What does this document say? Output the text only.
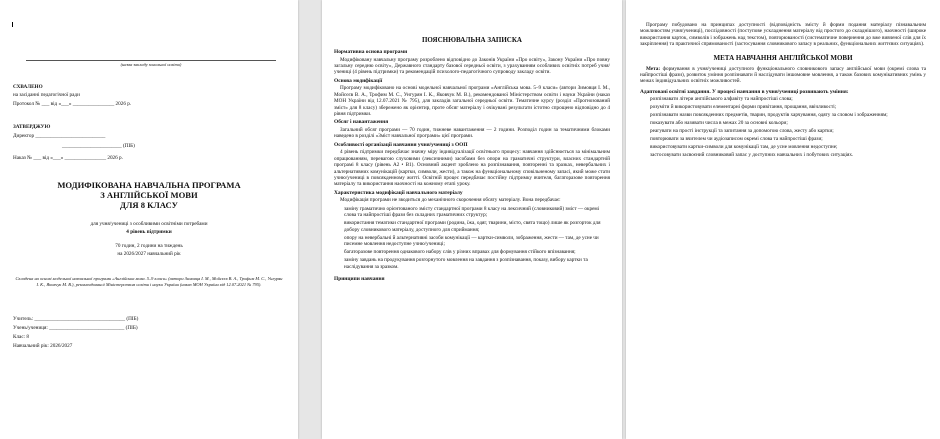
(назва закладу загальної освіти)
СХВАЛЕНО
на засіданні педагогічної ради
Протокол № ___ від «___» ________________ 2026 р.
ЗАТВЕРДЖУЮ
Директор ___________________________
_______________________ (ПІБ)
Наказ № ___ від «___» ________________ 2026 р.
МОДИФІКОВАНА НАВЧАЛЬНА ПРОГРАМА
З АНГЛІЙСЬКОЇ МОВИ
ДЛЯ 8 КЛАСУ
для учня/учениці з особливими освітніми потребами
4 рівень підтримки
70 годин, 2 години на тиждень
на 2026/2027 навчальний рік
Складена на основі модельної навчальної програми «Англійська мова. 5–9 класи» (автори Зимовця І. М., Мойсєєв В. А., Трофим М. С., Унгурян І. К., Яковчук М. В.), рекомендованої Міністерством освіти і науки України (наказ МОН України від 12.07.2021 № 795).
Учитель: ___________________________________ (ПІБ)
Учень/учениця: _____________________________ (ПІБ)
Клас: 8
Навчальний рік: 2026/2027
ПОЯСНЮВАЛЬНА ЗАПИСКА
Нормативна основа програми

Модифіковану навчальну програму розроблено відповідно до Законів України «Про освіту», Закону України «Про повну загальну середню освіту», Державного стандарту базової середньої освіти, з урахуванням особливих освітніх потреб учня/учениці (4 рівень підтримки) та рекомендацій психолого-педагогічного супроводу закладу освіти.

Основа модифікації

Програму модифіковано на основі модельної навчальної програми «Англійська мова. 5–9 класи» (автори Зимовця І. М., Мойсєєв В. А., Трофим М. С., Унгурян І. К., Яковчук М. В.), рекомендованої Міністерством освіти і науки України (наказ МОН України від 12.07.2021 № 795), для закладів загальної середньої освіти. Тематичне курсу (розділ «Прогнозований зміст» для 8 класу) збережено як орієнтир, проте обсяг матеріалу і очікувані результати істотно спрощено відповідно до 4 рівня підтримки.

Обсяг і навантаження

Загальний обсяг програми — 70 годин, тижневе навантаження — 2 години. Розподіл годин за тематичними блоками наведено в розділі «Зміст навчальної програми» цієї програми.

Особливості організації навчання учня/учениці з ООП

4 рівень підтримки передбачає значну міру індивідуалізації освітнього процесу: навчання здійснюється за мінімальним опрацюванням, перевагою слуховими (лексичними) засобами без опори на граматичні структури, власних стандартній програмі 8 класу (рівень А2 • B1). Основний акцент зроблено на розпізнавання, повторенні та зразках, невербальних і альтернативних комунікацій (картки, символи, жести), а також на функціональному сповільненому запасі, який може стати учню/учениці в повсякденному житті. Освітній процес передбачає постійну підтримку вчителя, багаторазове повторення матеріалу та використання наочності на кожному етапі уроку.

Характеристика модифікації навчального матеріалу

Модифікація програми не зводиться до механічного скорочення обсягу матеріалу. Вона передбачає:

заміну граматично орієнтованого змісту стандартної програми 8 класу на лексичний (словниковий) зміст — окремі слова та найпростіші фрази без складних граматичних структур;
використання тематики стандартної програми (родина, їжа, одяг, тварини, місто, свята тощо) лише як розгорток для добору словникового матеріалу, доступного для сприймання;
опору на невербальні й альтернативні засоби комунікації — картки-символи, зображення, жести — там, де усне чи писемне мовлення недоступне учню/учениці;
багаторазове повторення однакового набору слів у різних вправах для формування стійкого впізнавання;
заміну завдань на продукування розгорнутого мовлення на завдання з розпізнавання, показу, вибору картки та наслідування за зразком.
Принципи навчання

Програму побудовано на принципах доступності (відповідність змісту й форми подання матеріалу пізнавальним можливостям учня/учениці), послідовності (поступове ускладнення матеріалу від простого до складнішого), наочності (широке використання карток, символів і зображень над текстом), повторюваності (систематичне повернення до вже вивченої слів для їх закріплення) та практичної спрямованості (застосування словникового запасу в реальних, функціональних життєвих ситуаціях).

МЕТА НАВЧАННЯ АНГЛІЙСЬКОЇ МОВИ

Мета: формування в учня/учениці доступного функціонального словникового запасу англійської мови (окремі слова та найпростіші фрази), розвиток уміння розпізнавати й наслідувати іншомовне мовлення, а також базових комунікативних умінь у межах індивідуальних освітніх можливостей.

Адаптовані освітні завдання. У процесі навчання в учня/учениці розвивають уміння:
розпізнавати літери англійського алфавіту та найпростіші слова;
розуміти й використовувати елементарні форми привітання, прощання, ввічливості;
розпізнавати назви повсякденних предметів, тварин, продуктів харчування, одягу за словом і зображенням;
показувати або називати числа в межах 20 за основні кольори;
реагувати на прості інструкції та запитання за допомогою слова, жесту або картки;
повторювати за вчителем чи аудіозаписом окремі слова та найпростіші фрази;
використовувати картки-символи для комунікації там, де усне мовлення недоступне;
застосовувати засвоєний словниковий запас у доступних навчальних і побутових ситуаціях.
